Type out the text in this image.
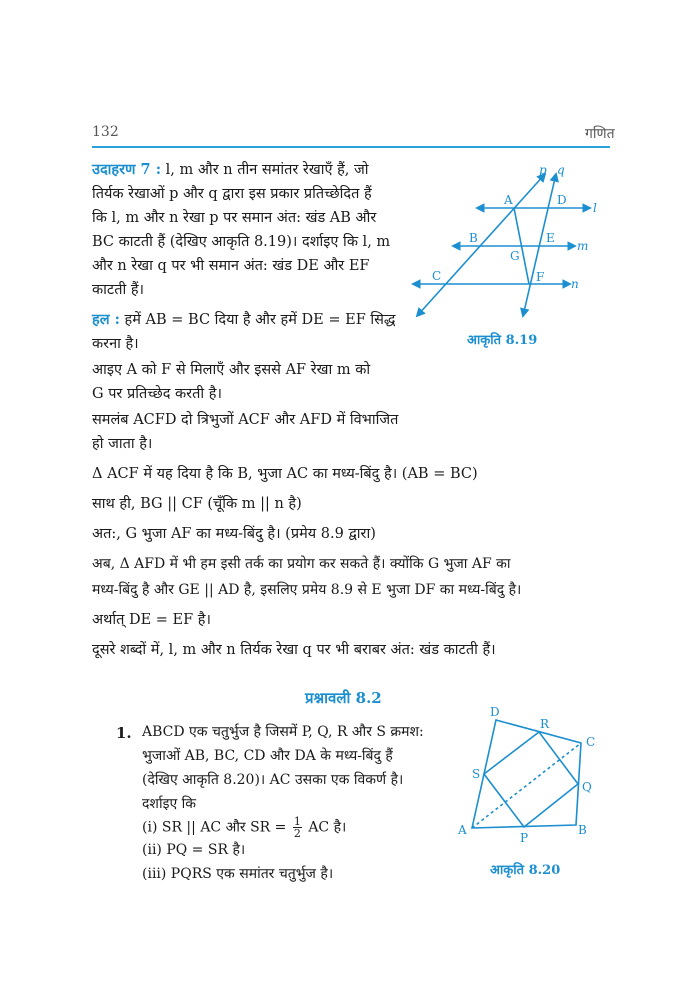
132	गणित
उदाहरण 7 : l, m और n तीन समांतर रेखाएँ हैं, जो
तिर्यक रेखाओं p और q द्वारा इस प्रकार प्रतिच्छेदित हैं
कि l, m और n रेखा p पर समान अंत: खंड AB और
BC काटती हैं (देखिए आकृति 8.19)। दर्शाइए कि l, m
और n रेखा q पर भी समान अंत: खंड DE और EF
काटती हैं।
हल : हमें AB = BC दिया है और हमें DE = EF सिद्ध
करना है।
आइए A को F से मिलाएँ और इससे AF रेखा m को
G पर प्रतिच्छेद करती है।
समलंब ACFD दो त्रिभुजों ACF और AFD में विभाजित
हो जाता है।
Δ ACF में यह दिया है कि B, भुजा AC का मध्य-बिंदु है। (AB = BC)
साथ ही, BG || CF (चूँकि m || n है)
अत:, G भुजा AF का मध्य-बिंदु है। (प्रमेय 8.9 द्वारा)
अब, Δ AFD में भी हम इसी तर्क का प्रयोग कर सकते हैं। क्योंकि G भुजा AF का
मध्य-बिंदु है और GE || AD है, इसलिए प्रमेय 8.9 से E भुजा DF का मध्य-बिंदु है।
अर्थात् DE = EF है।
दूसरे शब्दों में, l, m और n तिर्यक रेखा q पर भी बराबर अंत: खंड काटती हैं।
p q
l
m
n
A
B
C
D
E
F
G
आकृति 8.19
प्रश्नावली 8.2
1. ABCD एक चतुर्भुज है जिसमें P, Q, R और S क्रमश:
भुजाओं AB, BC, CD और DA के मध्य-बिंदु हैं
(देखिए आकृति 8.20)। AC उसका एक विकर्ण है।
दर्शाइए कि
(i) SR || AC और SR = $\frac{1}{2}$ AC है।
(ii) PQ = SR है।
(iii) PQRS एक समांतर चतुर्भुज है।
A	B
C
D
P
Q
R
S
आकृति 8.20
